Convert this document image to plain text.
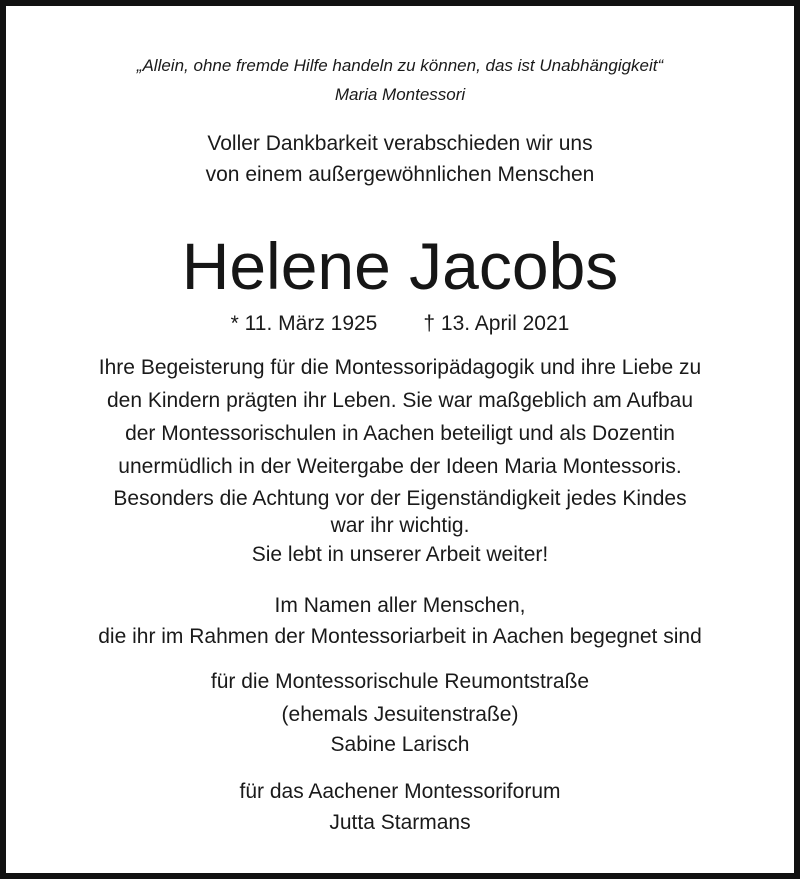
„Allein, ohne fremde Hilfe handeln zu können, das ist Unabhängigkeit“
Maria Montessori
Voller Dankbarkeit verabschieden wir uns
von einem außergewöhnlichen Menschen
Helene Jacobs
* 11. März 1925 † 13. April 2021
Ihre Begeisterung für die Montessoripädagogik und ihre Liebe zu
den Kindern prägten ihr Leben. Sie war maßgeblich am Aufbau
der Montessorischulen in Aachen beteiligt und als Dozentin
unermüdlich in der Weitergabe der Ideen Maria Montessoris.
Besonders die Achtung vor der Eigenständigkeit jedes Kindes
war ihr wichtig.
Sie lebt in unserer Arbeit weiter!
Im Namen aller Menschen,
die ihr im Rahmen der Montessoriarbeit in Aachen begegnet sind
für die Montessorischule Reumontstraße
(ehemals Jesuitenstraße)
Sabine Larisch
für das Aachener Montessoriforum
Jutta Starmans
